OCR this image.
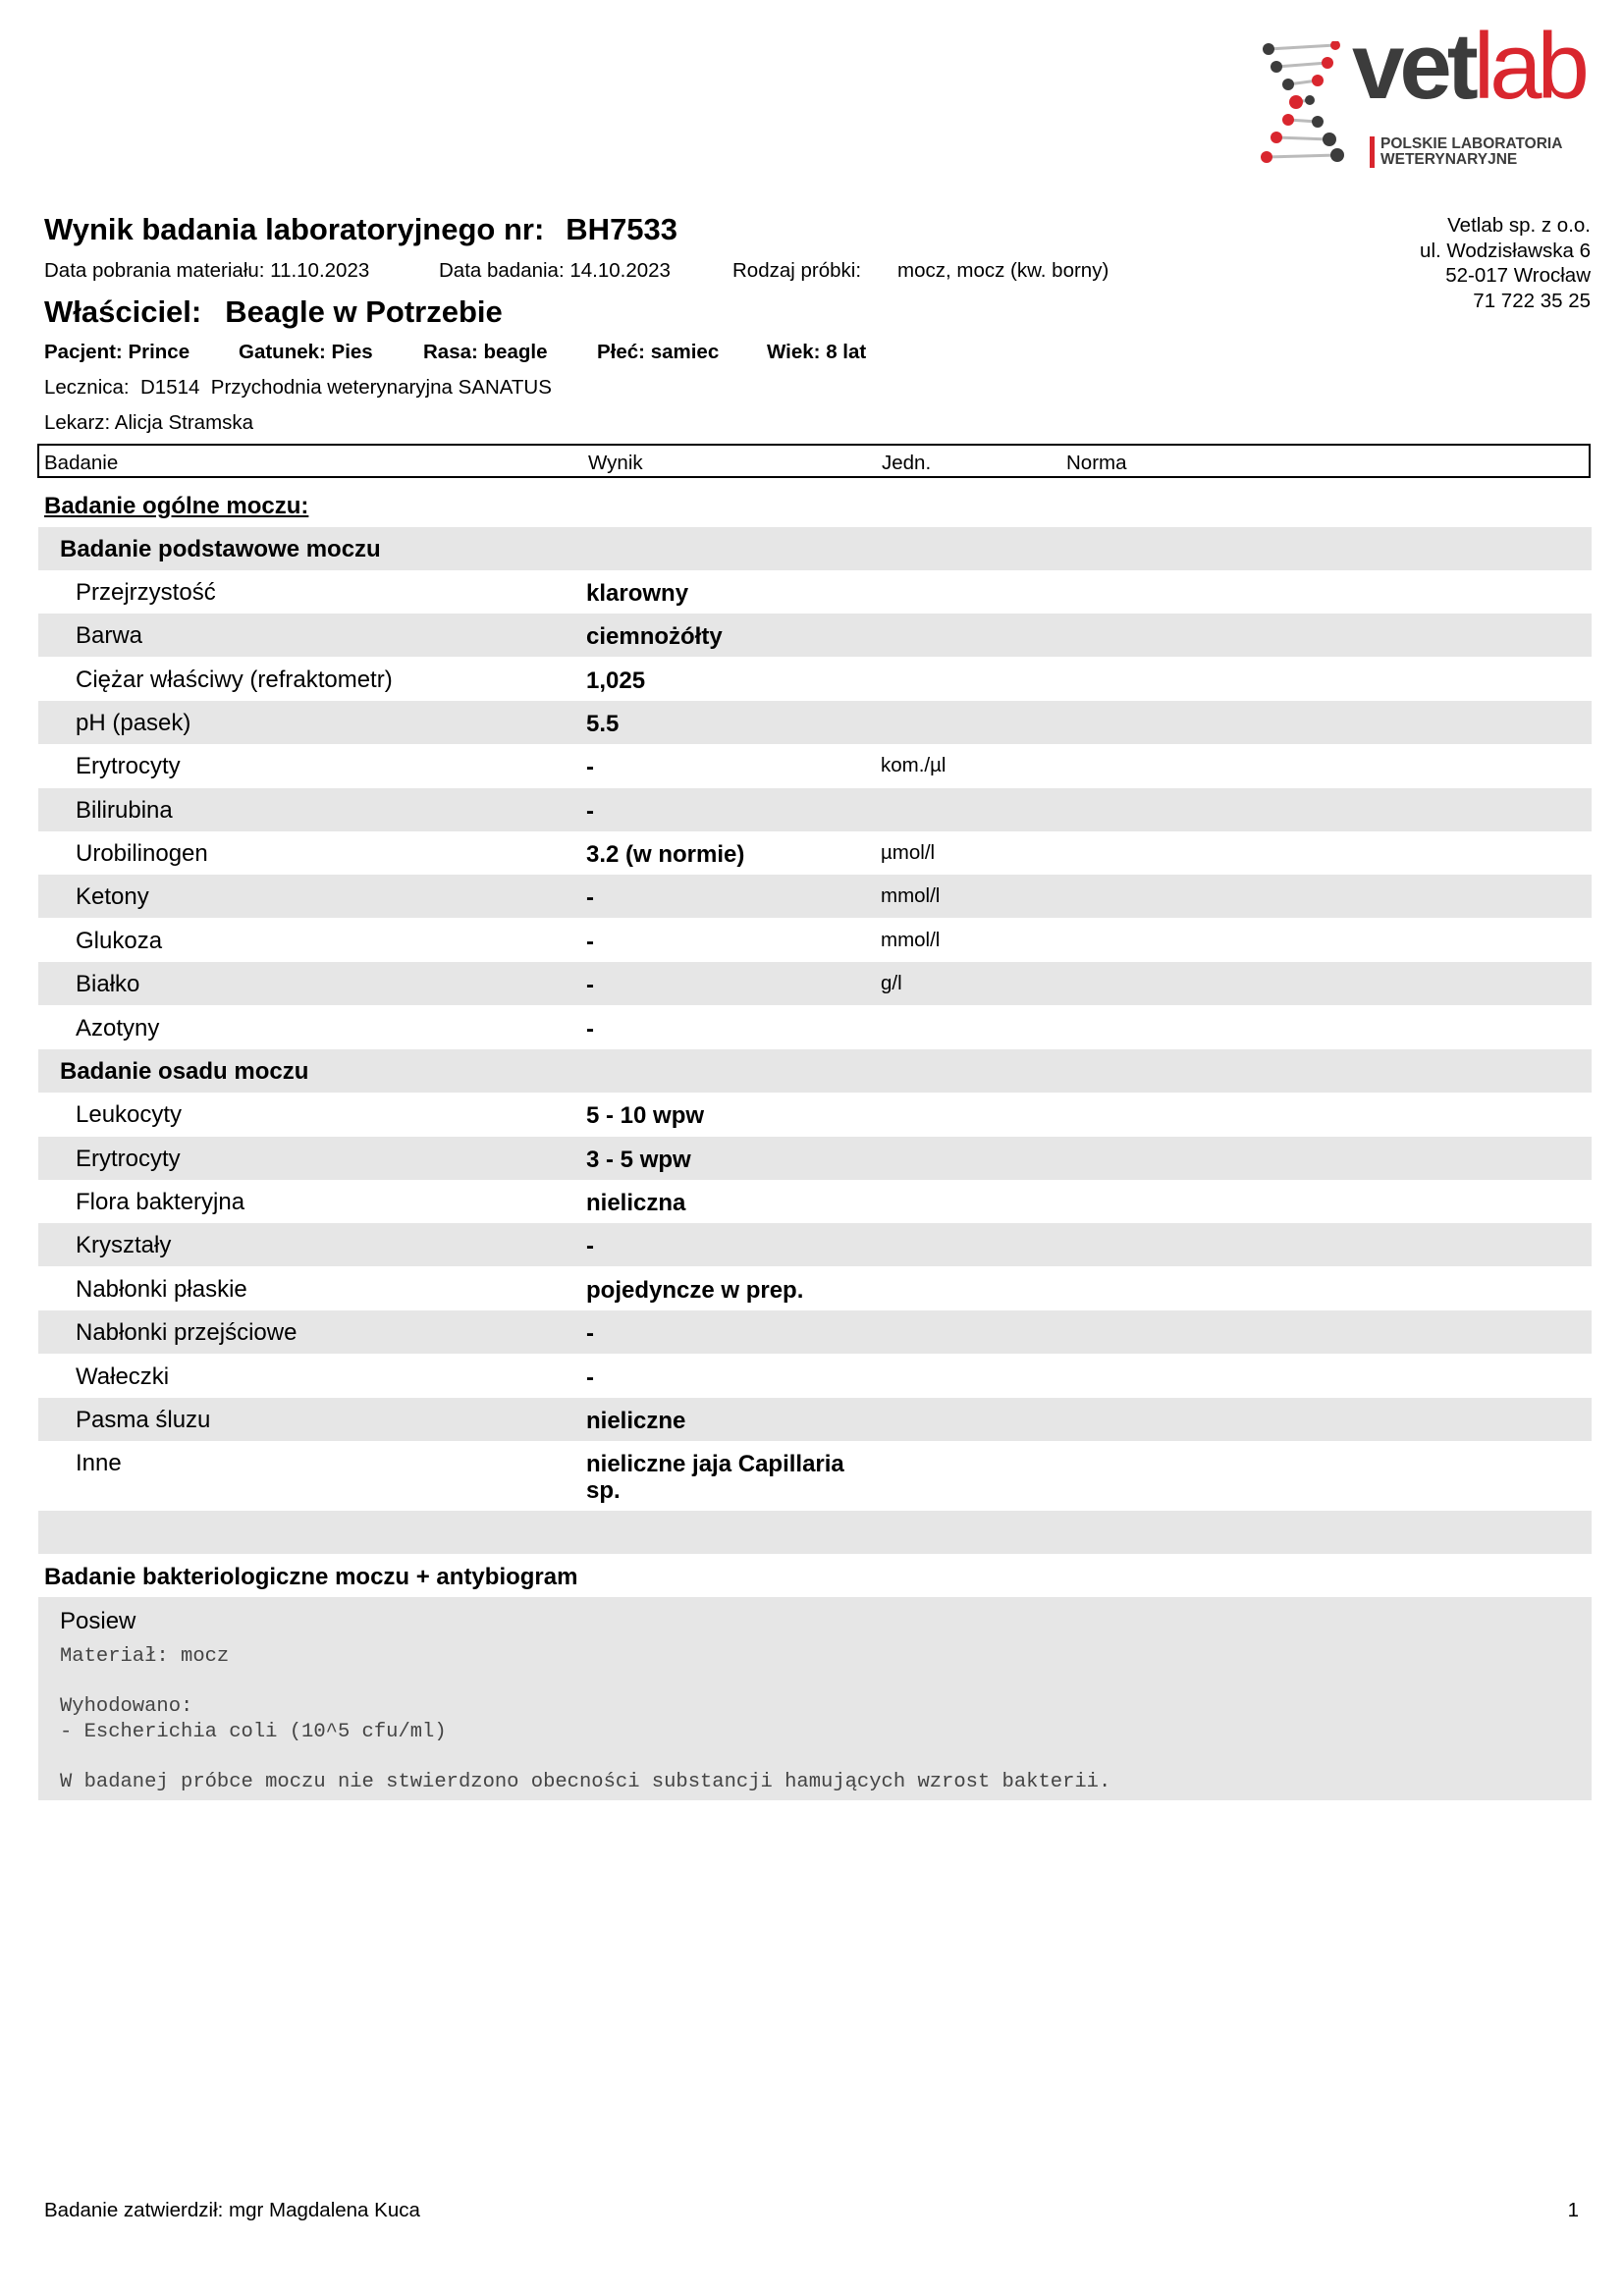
vetlab
POLSKIE LABORATORIA
WETERYNARYJNE
Wynik badania laboratoryjnego nr: BH7533
Data pobrania materiału: 11.10.2023	Data badania: 14.10.2023	Rodzaj próbki: mocz, mocz (kw. borny)
Vetlab sp. z o.o.
ul. Wodzisławska 6
52-017 Wrocław
71 722 35 25
Właściciel: Beagle w Potrzebie
Pacjent: Prince Gatunek: Pies	Rasa: beagle Płeć: samiec Wiek: 8 lat
Lecznica:  D1514  Przychodnia weterynaryjna SANATUS
Lekarz: Alicja Stramska
Badanie	Wynik	Jedn.	Norma
Badanie ogólne moczu:
Badanie podstawowe moczu
Przejrzystość	klarowny
Barwa	ciemnożółty
Ciężar właściwy (refraktometr)	1,025
pH (pasek)	5.5
Erytrocyty	-	kom./µl
Bilirubina	-
Urobilinogen	3.2 (w normie)	µmol/l
Ketony	-	mmol/l
Glukoza	-	mmol/l
Białko	-	g/l
Azotyny	-
Badanie osadu moczu
Leukocyty	5 - 10 wpw
Erytrocyty	3 - 5 wpw
Flora bakteryjna	nieliczna
Kryształy	-
Nabłonki płaskie	pojedyncze w prep.
Nabłonki przejściowe	-
Wałeczki	-
Pasma śluzu	nieliczne
Inne	nieliczne jaja Capillaria sp.
Badanie bakteriologiczne moczu + antybiogram
Posiew
Materiał: mocz

Wyhodowano:
- Escherichia coli (10^5 cfu/ml)

W badanej próbce moczu nie stwierdzono obecności substancji hamujących wzrost bakterii.
Badanie zatwierdził: mgr Magdalena Kuca	1
